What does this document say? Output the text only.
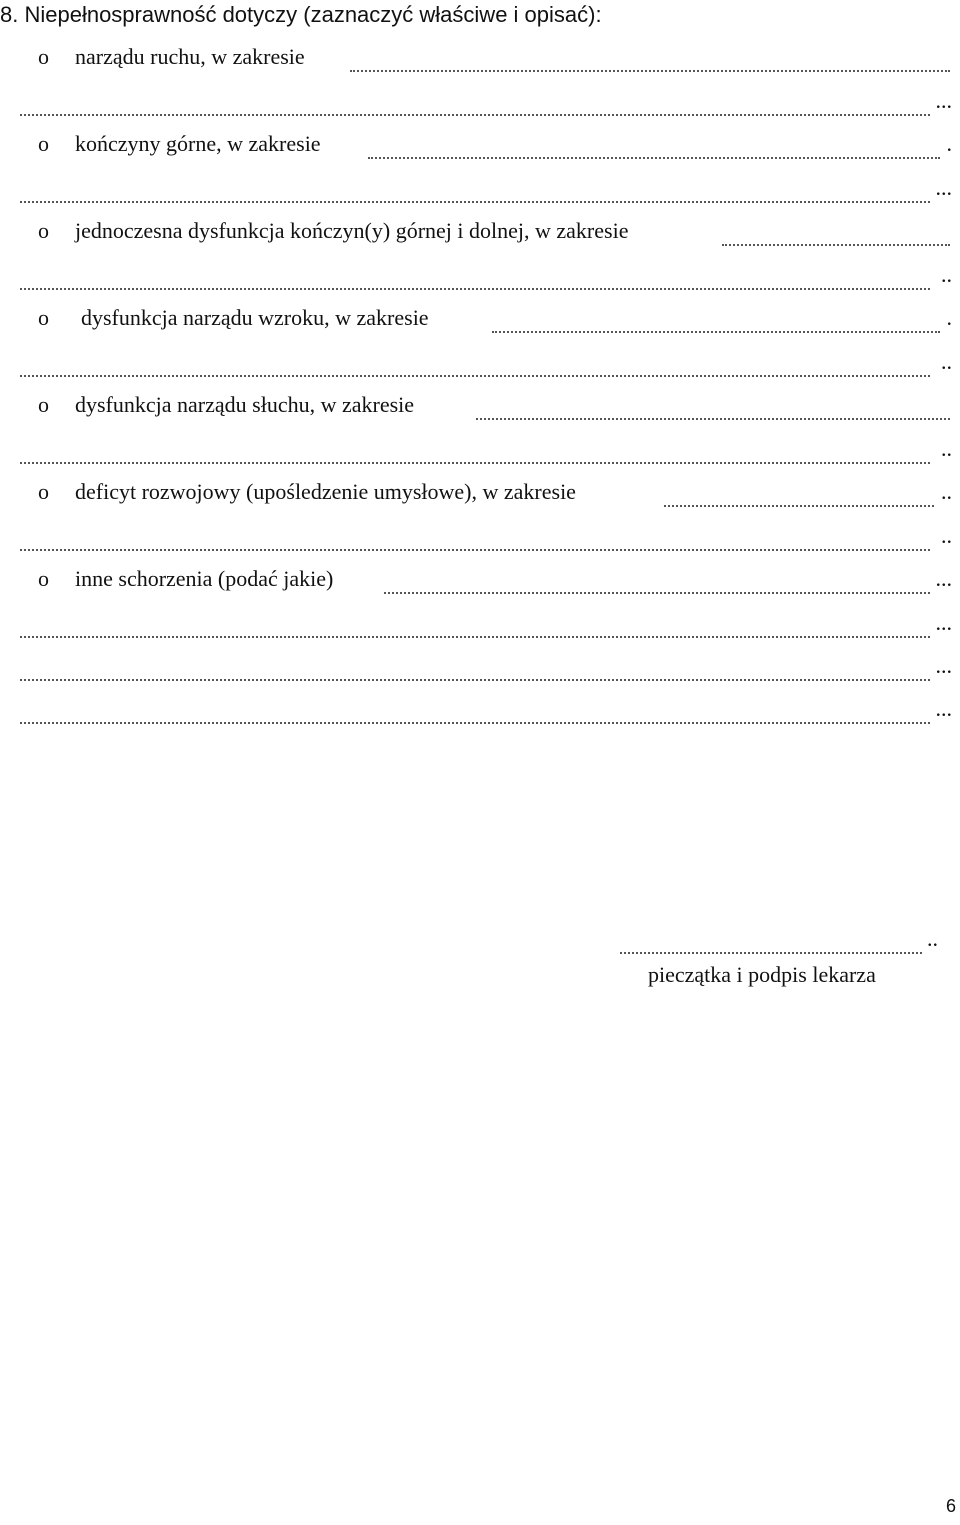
8. Niepełnosprawność dotyczy (zaznaczyć właściwe i opisać):
o narządu ruchu, w zakresie
...
o kończyny górne, w zakresie	.
...
o jednoczesna dysfunkcja kończyn(y) górnej i dolnej, w zakresie
..
o dysfunkcja narządu wzroku, w zakresie	.
..
o dysfunkcja narządu słuchu, w zakresie
..
o deficyt rozwojowy (upośledzenie umysłowe), w zakresie	..
..
o inne schorzenia (podać jakie)	...
...
...
...
..
pieczątka i podpis lekarza
6
